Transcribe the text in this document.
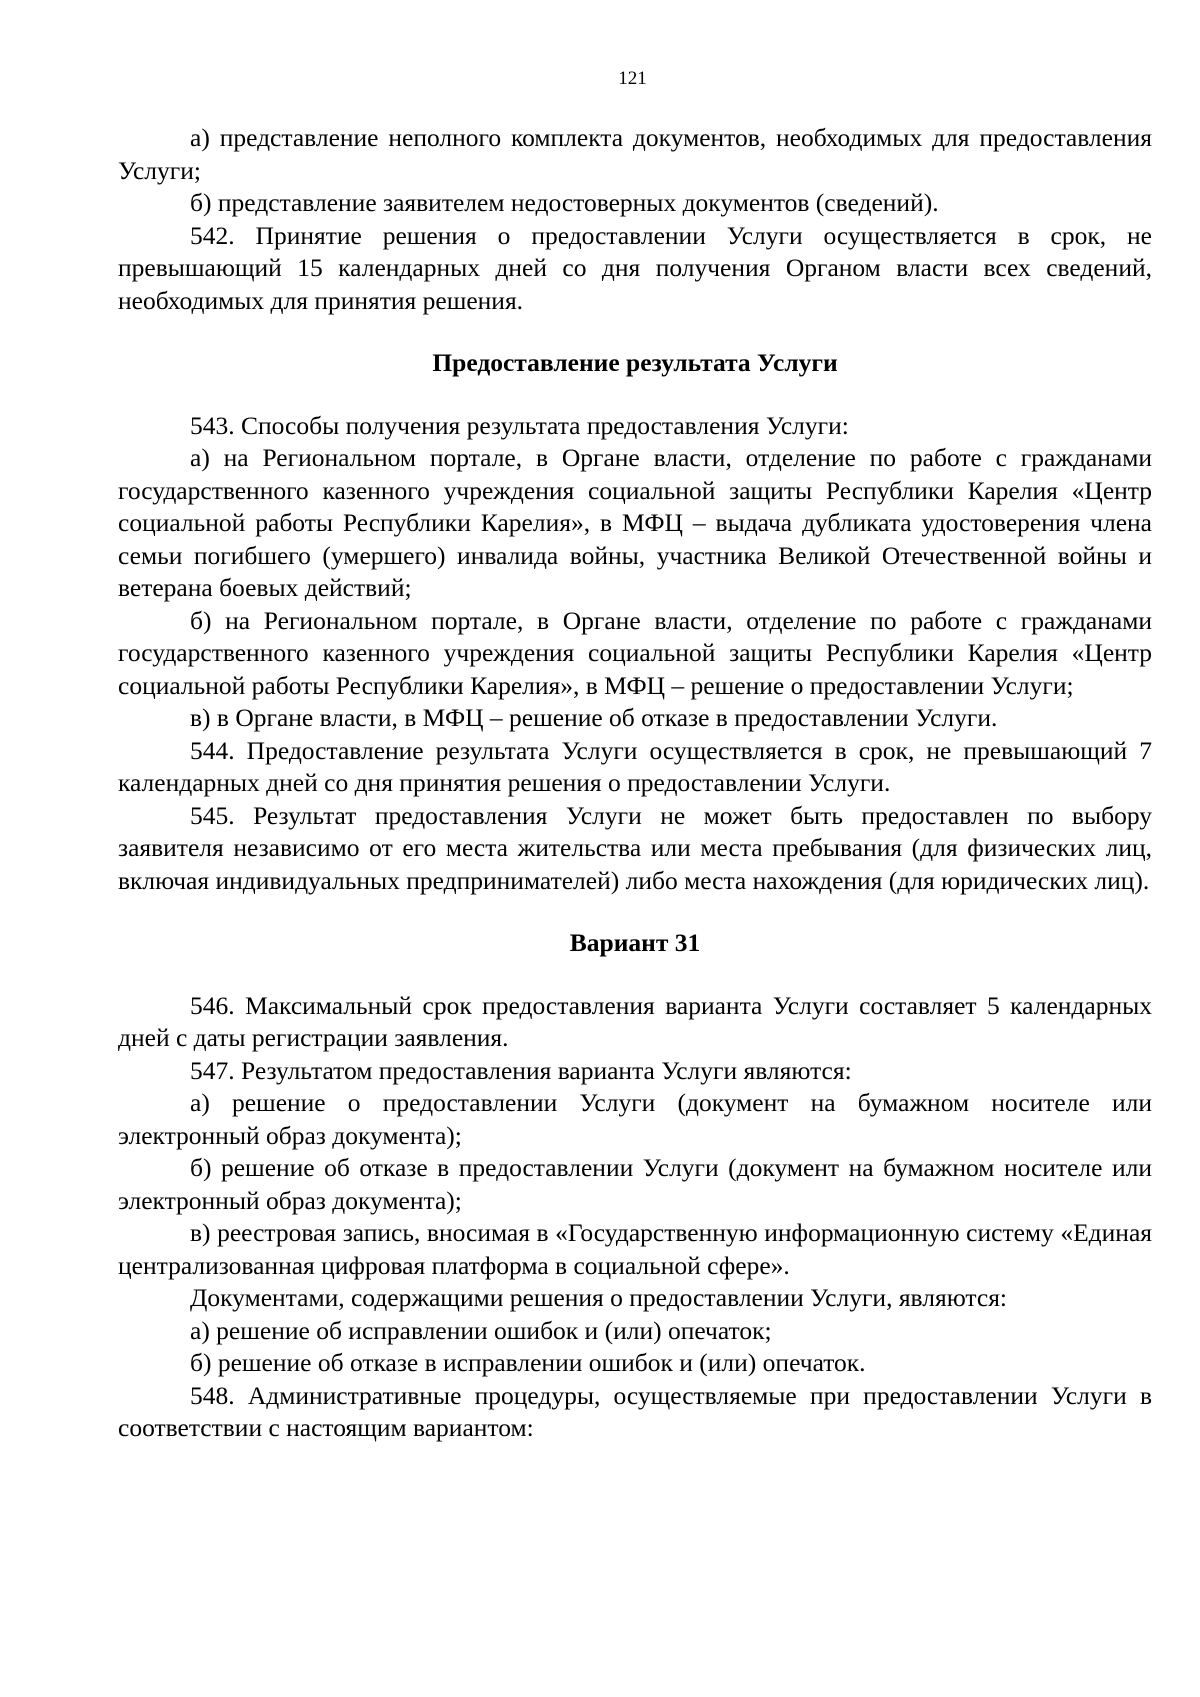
121

а) представление неполного комплекта документов, необходимых для предоставления Услуги;

б) представление заявителем недостоверных документов (сведений).

542. Принятие решения о предоставлении Услуги осуществляется в срок, не превышающий 15 календарных дней со дня получения Органом власти всех сведений, необходимых для принятия решения.

Предоставление результата Услуги

543. Способы получения результата предоставления Услуги:

а) на Региональном портале, в Органе власти, отделение по работе с гражданами государственного казенного учреждения социальной защиты Республики Карелия «Центр социальной работы Республики Карелия», в МФЦ – выдача дубликата удостоверения члена семьи погибшего (умершего) инвалида войны, участника Великой Отечественной войны и ветерана боевых действий;

б) на Региональном портале, в Органе власти, отделение по работе с гражданами государственного казенного учреждения социальной защиты Республики Карелия «Центр социальной работы Республики Карелия», в МФЦ – решение о предоставлении Услуги;

в) в Органе власти, в МФЦ – решение об отказе в предоставлении Услуги.

544. Предоставление результата Услуги осуществляется в срок, не превышающий 7 календарных дней со дня принятия решения о предоставлении Услуги.

545. Результат предоставления Услуги не может быть предоставлен по выбору заявителя независимо от его места жительства или места пребывания (для физических лиц, включая индивидуальных предпринимателей) либо места нахождения (для юридических лиц).

Вариант 31

546. Максимальный срок предоставления варианта Услуги составляет 5 календарных дней с даты регистрации заявления.

547. Результатом предоставления варианта Услуги являются:

а) решение о предоставлении Услуги (документ на бумажном носителе или электронный образ документа);

б) решение об отказе в предоставлении Услуги (документ на бумажном носителе или электронный образ документа);

в) реестровая запись, вносимая в «Государственную информационную систему «Единая централизованная цифровая платформа в социальной сфере».

Документами, содержащими решения о предоставлении Услуги, являются:

а) решение об исправлении ошибок и (или) опечаток;

б) решение об отказе в исправлении ошибок и (или) опечаток.

548. Административные процедуры, осуществляемые при предоставлении Услуги в соответствии с настоящим вариантом:
